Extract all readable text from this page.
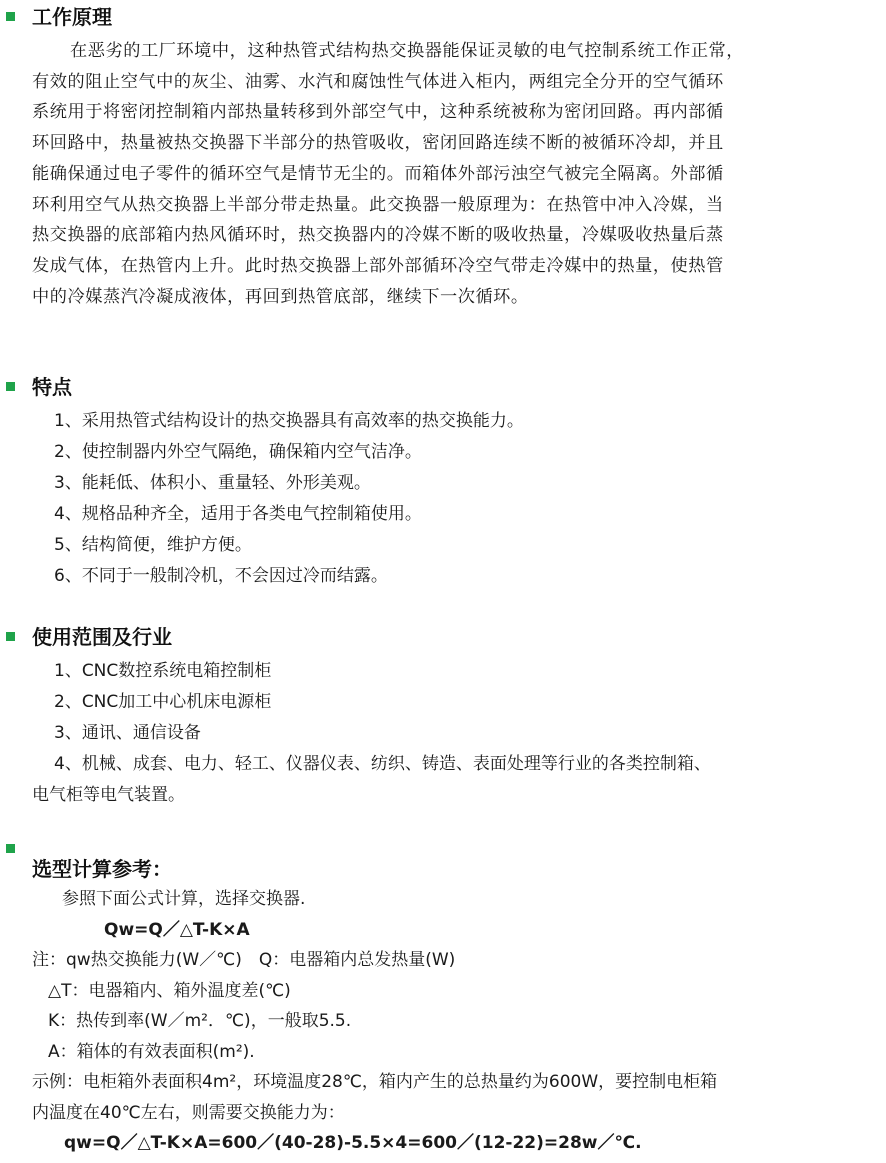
工作原理
在恶劣的工厂环境中，这种热管式结构热交换器能保证灵敏的电气控制系统工作正常，
有效的阻止空气中的灰尘、油雾、水汽和腐蚀性气体进入柜内，两组完全分开的空气循环
系统用于将密闭控制箱内部热量转移到外部空气中，这种系统被称为密闭回路。再内部循
环回路中，热量被热交换器下半部分的热管吸收，密闭回路连续不断的被循环冷却，并且
能确保通过电子零件的循环空气是情节无尘的。而箱体外部污浊空气被完全隔离。外部循
环利用空气从热交换器上半部分带走热量。此交换器一般原理为：在热管中冲入冷媒，当
热交换器的底部箱内热风循环时，热交换器内的冷媒不断的吸收热量，冷媒吸收热量后蒸
发成气体，在热管内上升。此时热交换器上部外部循环冷空气带走冷媒中的热量，使热管
中的冷媒蒸汽冷凝成液体，再回到热管底部，继续下一次循环。
特点
1、采用热管式结构设计的热交换器具有高效率的热交换能力。
2、使控制器内外空气隔绝，确保箱内空气洁净。
3、能耗低、体积小、重量轻、外形美观。
4、规格品种齐全，适用于各类电气控制箱使用。
5、结构简便，维护方便。
6、不同于一般制冷机，不会因过冷而结露。
使用范围及行业
1、CNC数控系统电箱控制柜
2、CNC加工中心机床电源柜
3、通讯、通信设备
4、机械、成套、电力、轻工、仪器仪表、纺织、铸造、表面处理等行业的各类控制箱、
电气柜等电气装置。
选型计算参考：
参照下面公式计算，选择交换器.
Qw=Q／△T-K×A
注：qw热交换能力(W／℃)　Q：电器箱内总发热量(W)
△T：电器箱内、箱外温度差(℃)
K：热传到率(W／m²．℃)，一般取5.5.
A：箱体的有效表面积(m²).
示例：电柜箱外表面积4m²，环境温度28℃，箱内产生的总热量约为600W，要控制电柜箱
内温度在40℃左右，则需要交换能力为：
qw=Q／△T-K×A=600／(40-28)-5.5×4=600／(12-22)=28w／℃.
